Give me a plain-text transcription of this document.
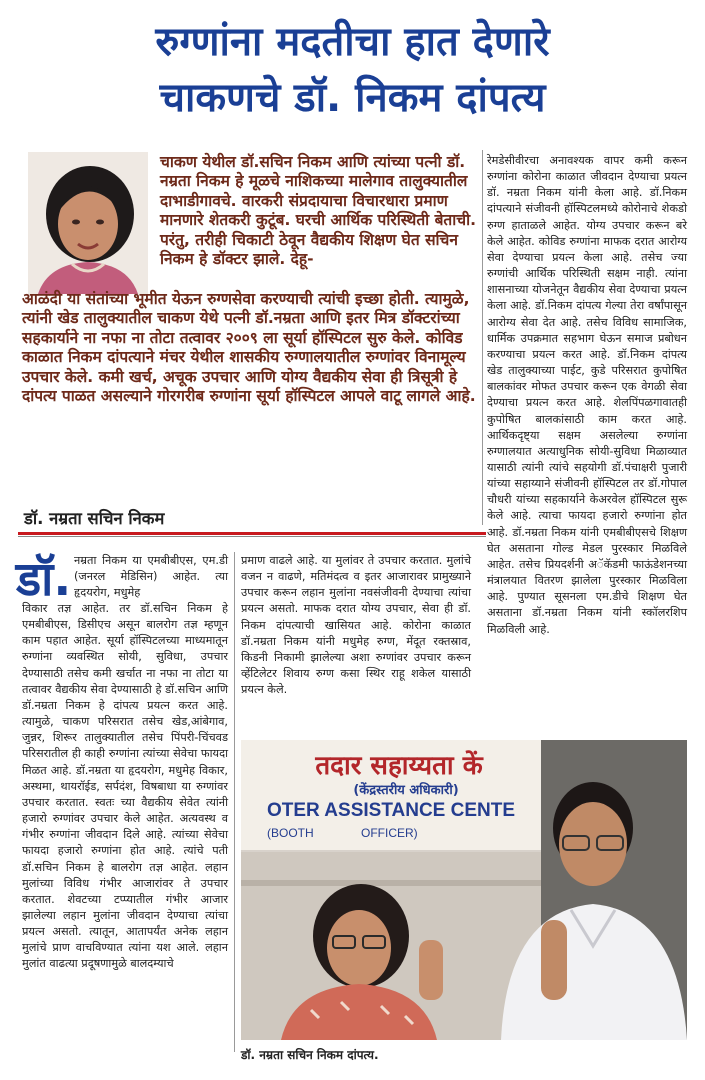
रुग्णांना मदतीचा हात देणारे
चाकणचे डॉ. निकम दांपत्य
चाकण येथील डॉ.सचिन निकम आणि त्यांच्या पत्नी डॉ. नम्रता निकम हे मूळचे नाशिकच्या मालेगाव तालुक्यातील दाभाडीगावचे. वारकरी संप्रदायाचा विचारधारा प्रमाण मानणारे शेतकरी कुटूंब. घरची आर्थिक परिस्थिती बेताची. परंतु, तरीही चिकाटी ठेवून वैद्यकीय शिक्षण घेत सचिन निकम हे डॉक्टर झाले. देहू-
आळंदी या संतांच्या भूमीत येऊन रुग्णसेवा करण्याची त्यांची इच्छा होती. त्यामुळे, त्यांनी खेड तालुक्यातील चाकण येथे पत्नी डॉ.नम्रता आणि इतर मित्र डॉक्टरांच्या सहकार्याने ना नफा ना तोटा तत्वावर २००९ ला सूर्या हॉस्पिटल सुरु केले. कोविड काळात निकम दांपत्याने मंचर येथील शासकीय रुग्णालयातील रुग्णांवर विनामूल्य उपचार केले. कमी खर्च, अचूक उपचार आणि योग्य वैद्यकीय सेवा ही त्रिसूत्री हे दांपत्य पाळत असल्याने गोरगरीब रुग्णांना सूर्या हॉस्पिटल आपले वाटू लागले आहे.
डॉ. नम्रता सचिन निकम
डॉ. नम्रता निकम या एमबीबीएस, एम.डी (जनरल मेडिसिन) आहेत. त्या हृदयरोग, मधुमेह
विकार तज्ञ आहेत. तर डॉ.सचिन निकम हे एमबीबीएस, डिसीएच असून बालरोग तज्ञ म्हणून काम पहात आहेत. सूर्या हॉस्पिटलच्या माध्यमातून रुग्णांना व्यवस्थित सोयी, सुविधा, उपचार देण्यासाठी तसेच कमी खर्चात ना नफा ना तोटा या तत्वावर वैद्यकीय सेवा देण्यासाठी हे डॉ.सचिन आणि डॉ.नम्रता निकम हे दांपत्य प्रयत्न करत आहे. त्यामुळे, चाकण परिसरात तसेच खेड,आंबेगाव, जुन्नर, शिरूर तालुक्यातील तसेच पिंपरी-चिंचवड परिसरातील ही काही रुग्णांना त्यांच्या सेवेचा फायदा मिळत आहे. डॉ.नम्रता या हृदयरोग, मधुमेह विकार, अस्थमा, थायरॉईड, सर्पदंश, विषबाधा या रुग्णांवर उपचार करतात. स्वतः च्या वैद्यकीय सेवेत त्यांनी हजारो रुग्णांवर उपचार केले आहेत. अत्यवस्थ व गंभीर रुग्णांना जीवदान दिले आहे. त्यांच्या सेवेचा फायदा हजारो रुग्णांना होत आहे. त्यांचे पती डॉ.सचिन निकम हे बालरोग तज्ञ आहेत. लहान मुलांच्या विविध गंभीर आजारांवर ते उपचार करतात. शेवटच्या टप्प्यातील गंभीर आजार झालेल्या लहान मुलांना जीवदान देण्याचा त्यांचा प्रयत्न असतो. त्यातून, आतापर्यंत अनेक लहान मुलांचे प्राण वाचविण्यात त्यांना यश आले. लहान मुलांत वाढत्या प्रदूषणामुळे बालदम्याचे
प्रमाण वाढले आहे. या मुलांवर ते उपचार करतात. मुलांचे वजन न वाढणे, मतिमंदत्व व इतर आजारावर प्रामुख्याने उपचार करून लहान मुलांना नवसंजीवनी देण्याचा त्यांचा प्रयत्न असतो. माफक दरात योग्य उपचार, सेवा ही डॉ. निकम दांपत्याची खासियत आहे. कोरोना काळात डॉ.नम्रता निकम यांनी मधुमेह रुग्ण, मेंदूत रक्तस्राव, किडनी निकामी झालेल्या अशा रुग्णांवर उपचार करून व्हेंटिलेटर शिवाय रुग्ण कसा स्थिर राहू शकेल यासाठी प्रयत्न केले.
रेमडेसीवीरचा अनावश्यक वापर कमी करून रुग्णांना कोरोना काळात जीवदान देण्याचा प्रयत्न डॉ. नम्रता निकम यांनी केला आहे. डॉ.निकम दांपत्याने संजीवनी हॉस्पिटलमध्ये कोरोनाचे शेकडो रुग्ण हाताळले आहेत. योग्य उपचार करून बरे केले आहेत. कोविड रुग्णांना माफक दरात आरोग्य सेवा देण्याचा प्रयत्न केला आहे. तसेच ज्या रुग्णांची आर्थिक परिस्थिती सक्षम नाही. त्यांना शासनाच्या योजनेतून वैद्यकीय सेवा देण्याचा प्रयत्न केला आहे. डॉ.निकम दांपत्य गेल्या तेरा वर्षांपासून आरोग्य सेवा देत आहे. तसेच विविध सामाजिक, धार्मिक उपक्रमात सहभाग घेऊन समाज प्रबोधन करण्याचा प्रयत्न करत आहे. डॉ.निकम दांपत्य खेड तालुक्याच्या पाईट, कुडे परिसरात कुपोषित बालकांवर मोफत उपचार करून एक वेगळी सेवा देण्याचा प्रयत्न करत आहे. शेलपिंपळगावातही कुपोषित बालकांसाठी काम करत आहे. आर्थिकदृष्ट्या सक्षम असलेल्या रुग्णांना रुग्णालयात अत्याधुनिक सोयी-सुविधा मिळाव्यात यासाठी त्यांनी त्यांचे सहयोगी डॉ.पंचाक्षरी पुजारी यांच्या सहाय्याने संजीवनी हॉस्पिटल तर डॉ.गोपाल चौधरी यांच्या सहकार्याने केअरवेल हॉस्पिटल सुरू केले आहे. त्याचा फायदा हजारो रुग्णांना होत आहे. डॉ.नम्रता निकम यांनी एमबीबीएसचे शिक्षण घेत असताना गोल्ड मेडल पुरस्कार मिळविले आहेत. तसेच प्रियदर्शनी अॅकॅडमी फाऊंडेशनच्या मंत्रालयात वितरण झालेला पुरस्कार मिळविला आहे. पुण्यात सूसनला एम.डीचे शिक्षण घेत असताना डॉ.नम्रता निकम यांनी स्कॉलरशिप मिळविली आहे.
तदार सहाय्यता कें
(केंद्रस्तरीय अधिकारी)
OTER ASSISTANCE CENTE
(BOOTH	OFFICER)
डॉ. नम्रता सचिन निकम दांपत्य.
